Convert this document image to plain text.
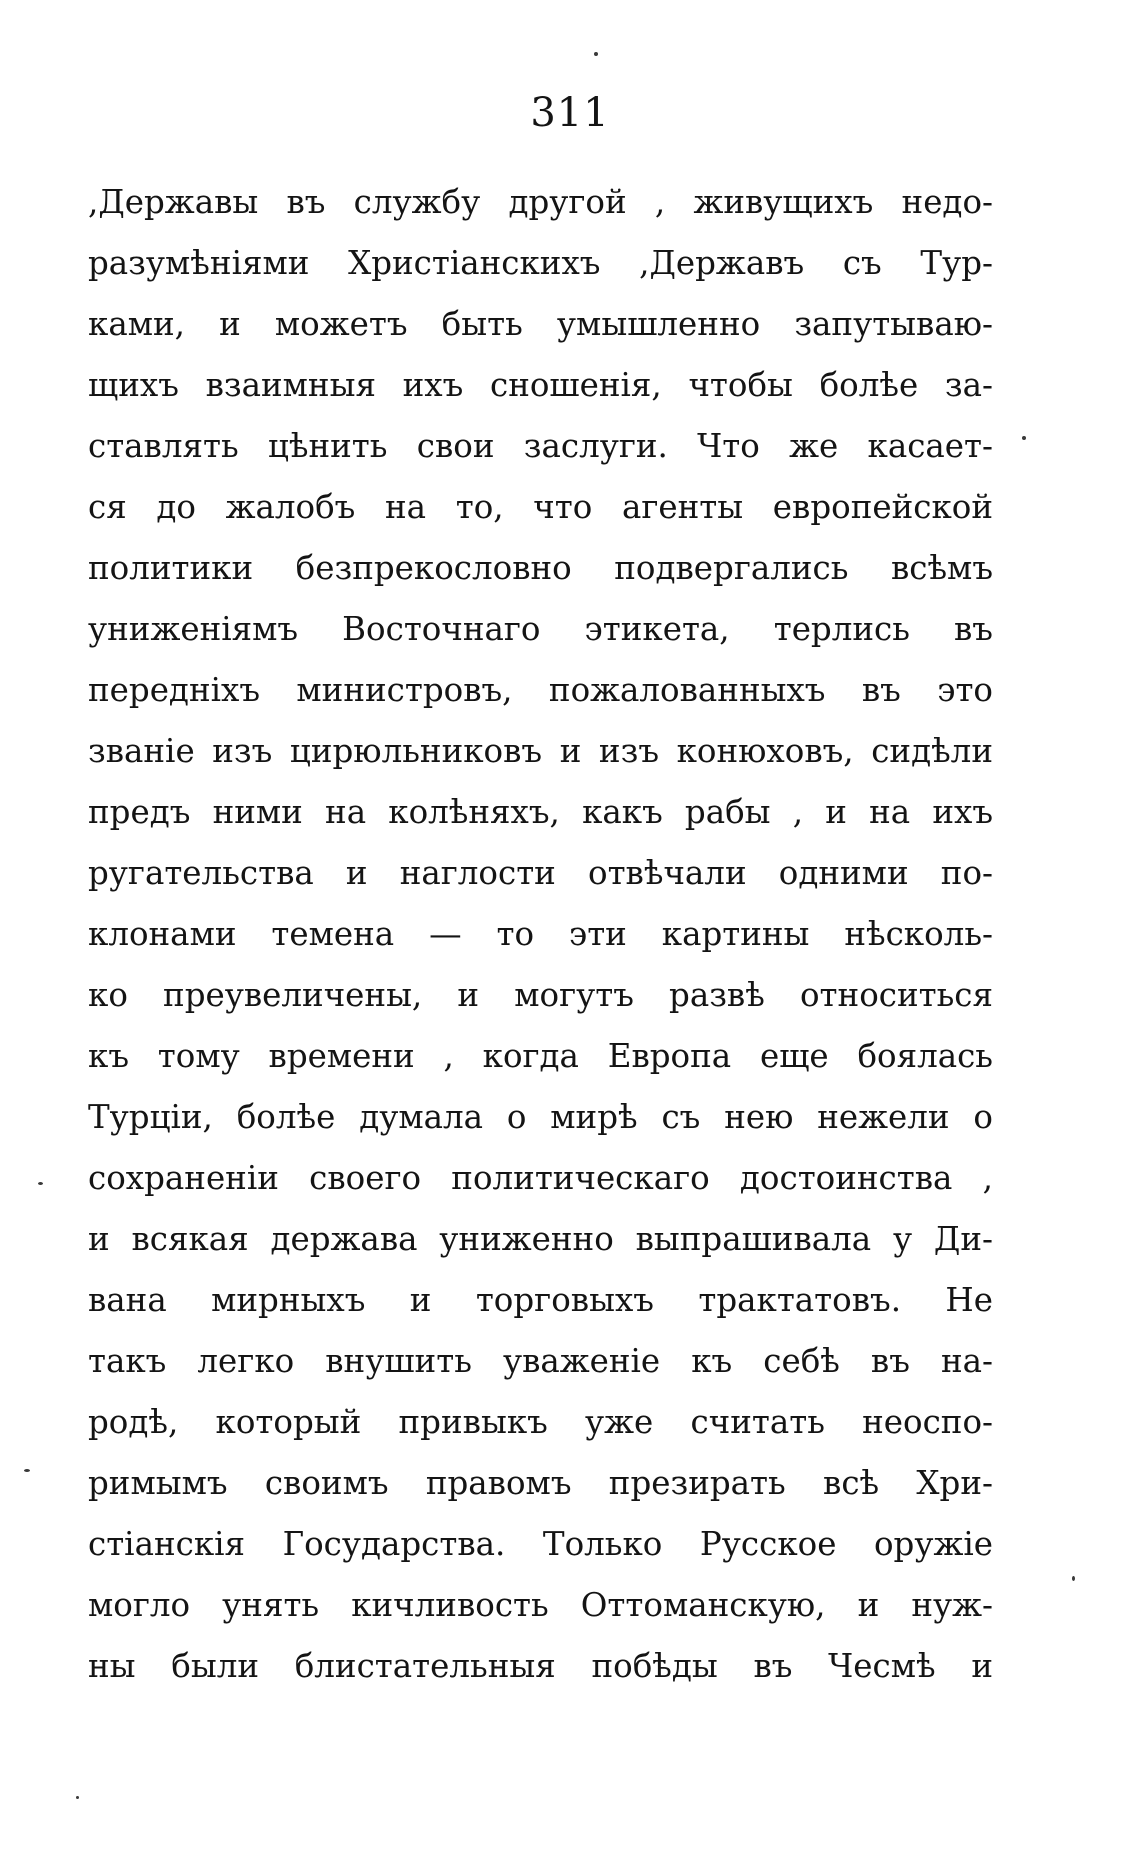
311
,Державы въ службу другой , живущихъ недо-
разумѣніями Христіанскихъ ,Державъ съ Тур-
ками, и можетъ быть умышленно запутываю-
щихъ взаимныя ихъ сношенія, чтобы болѣе за-
ставлять цѣнить свои заслуги. Что же касает-
ся до жалобъ на то, что агенты европейской
политики безпрекословно подвергались всѣмъ
униженіямъ Восточнаго этикета, терлись въ
передніхъ министровъ, пожалованныхъ въ это
званіе изъ цирюльниковъ и изъ конюховъ, сидѣли
предъ ними на колѣняхъ, какъ рабы , и на ихъ
ругательства и наглости отвѣчали одними по-
клонами темена — то эти картины нѣсколь-
ко преувеличены, и могутъ развѣ относиться
къ тому времени , когда Европа еще боялась
Турціи, болѣе думала о мирѣ съ нею нежели о
сохраненіи своего политическаго достоинства ,
и всякая держава униженно выпрашивала у Ди-
вана мирныхъ и торговыхъ трактатовъ. Не
такъ легко внушить уваженіе къ себѣ въ на-
родѣ, который привыкъ уже считать неоспо-
римымъ своимъ правомъ презирать всѣ Хри-
стіанскія Государства. Только Русское оружіе
могло унять кичливость Оттоманскую, и нуж-
ны были блистательныя побѣды въ Чесмѣ и
